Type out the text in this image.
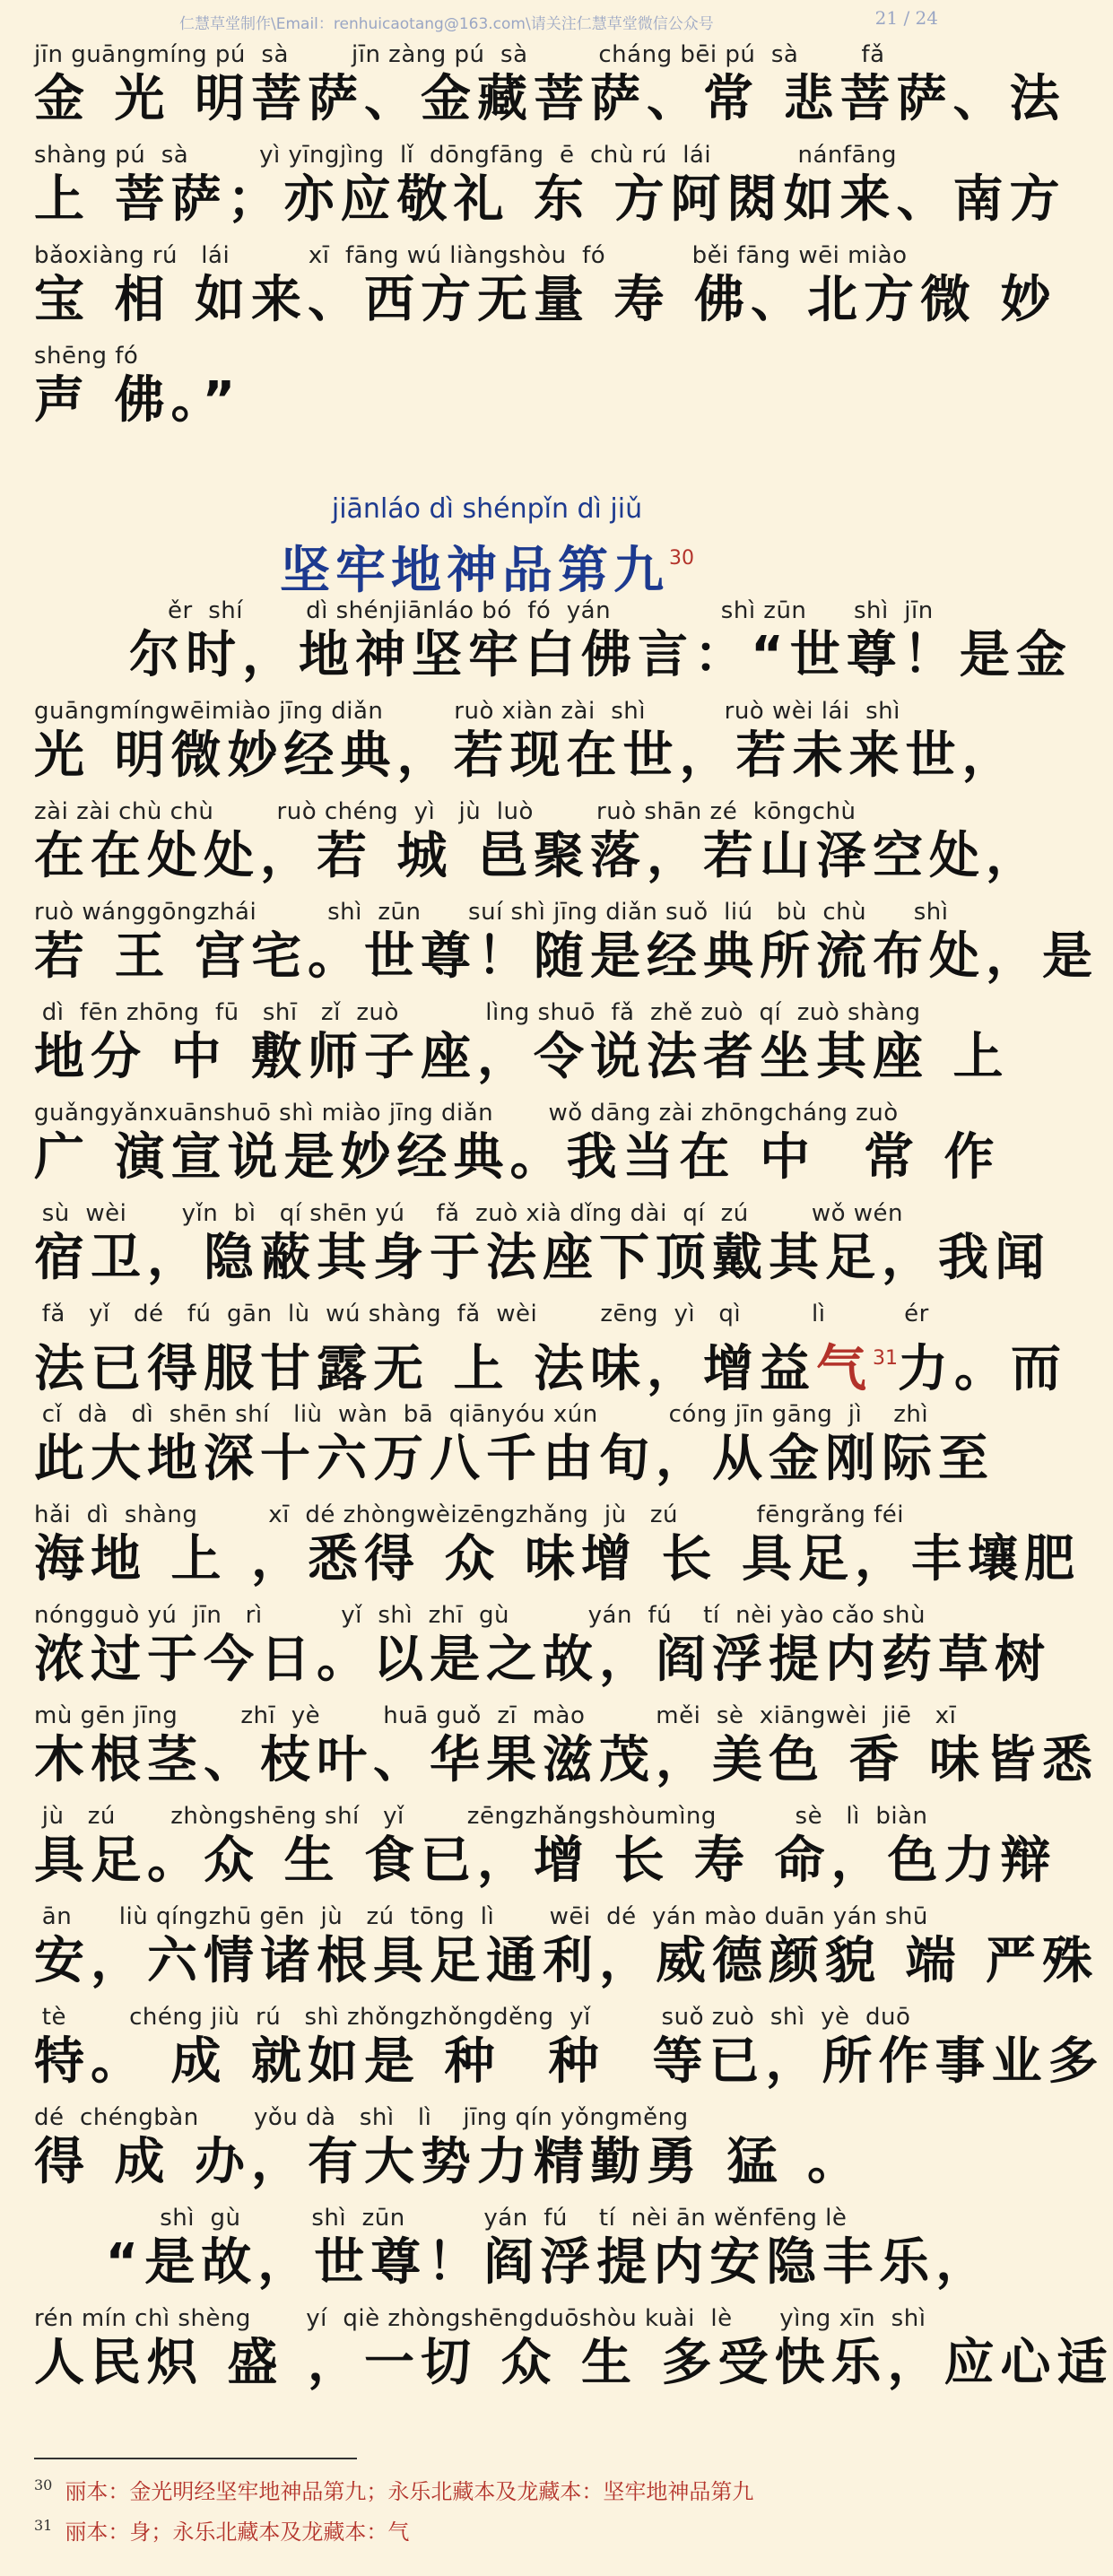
仁慧草堂制作\Email：renhuicaotang@163.com\请关注仁慧草堂微信公众号	21 / 24
jīn guāngmíng pú  sà        jīn zàng pú  sà         cháng bēi pú  sà        fǎ
金 光 明菩萨、金藏菩萨、常 悲菩萨、法
shàng pú  sà         yì yīngjìng  lǐ  dōngfāng  ē  chù rú  lái           nánfāng
上 菩萨；亦应敬礼 东 方阿閦如来、南方
bǎoxiàng rú   lái          xī  fāng wú liàngshòu  fó           běi fāng wēi miào
宝 相 如来、西方无量 寿 佛、北方微 妙
shēng fó
声 佛。”
jiānláo dì shénpǐn dì jiǔ
坚牢地神品第九$^{30}$
ěr  shí        dì shénjiānláo bó  fó  yán              shì zūn      shì  jīn
尔时，地神坚牢白佛言：“世尊！是金
guāngmíngwēimiào jīng diǎn         ruò xiàn zài  shì          ruò wèi lái  shì
光 明微妙经典，若现在世，若未来世，
zài zài chù chù        ruò chéng  yì   jù  luò        ruò shān zé  kōngchù
在在处处，若 城 邑聚落，若山泽空处，
ruò wánggōngzhái         shì  zūn      suí shì jīng diǎn suǒ  liú   bù  chù      shì
若 王 宫宅。世尊！随是经典所流布处，是
dì  fēn zhōng  fū   shī   zǐ  zuò           lìng shuō  fǎ  zhě zuò  qí  zuò shàng
地分 中 敷师子座，令说法者坐其座 上
guǎngyǎnxuānshuō shì miào jīng diǎn       wǒ dāng zài zhōngcháng zuò
广 演宣说是妙经典。我当在 中  常 作
sù  wèi       yǐn  bì   qí shēn yú    fǎ  zuò xià dǐng dài  qí  zú        wǒ wén
宿卫，隐蔽其身于法座下顶戴其足，我闻
fǎ   yǐ   dé   fú  gān  lù  wú shàng  fǎ  wèi        zēng  yì   qì         lì          ér
法已得服甘露无 上 法味，增益气$^{31}$力。而
cǐ  dà   dì  shēn shí   liù  wàn  bā  qiānyóu xún         cóng jīn gāng  jì    zhì
此大地深十六万八千由旬，从金刚际至
hǎi  dì  shàng         xī  dé zhòngwèizēngzhǎng  jù   zú          fēngrǎng féi
海地 上 ，悉得 众 味增 长 具足，丰壤肥
nóngguò yú  jīn   rì          yǐ  shì  zhī  gù          yán  fú    tí  nèi yào cǎo shù
浓过于今日。以是之故，阎浮提内药草树
mù gēn jīng        zhī  yè        huā guǒ  zī  mào         měi  sè  xiāngwèi  jiē   xī
木根茎、枝叶、华果滋茂，美色 香 味皆悉
jù   zú       zhòngshēng shí   yǐ        zēngzhǎngshòumìng          sè   lì  biàn
具足。众 生 食已，增 长 寿 命，色力辩
ān      liù qíngzhū gēn  jù   zú  tōng  lì       wēi  dé  yán mào duān yán shū
安，六情诸根具足通利，威德颜貌 端 严殊
tè        chéng jiù  rú   shì zhǒngzhǒngděng  yǐ         suǒ zuò  shì  yè  duō
特。 成 就如是 种  种  等已，所作事业多
dé  chéngbàn       yǒu dà   shì   lì    jīng qín yǒngměng
得 成 办，有大势力精勤勇 猛 。
shì  gù         shì  zūn          yán  fú    tí  nèi ān wěnfēng lè
“是故，世尊！阎浮提内安隐丰乐，
rén mín chì shèng       yí  qiè zhòngshēngduōshòu kuài  lè      yìng xīn  shì
人民炽 盛 ，一切 众 生 多受快乐，应心适
$^{30}$ 丽本：金光明经坚牢地神品第九；永乐北藏本及龙藏本：坚牢地神品第九
$^{31}$ 丽本：身；永乐北藏本及龙藏本：气
